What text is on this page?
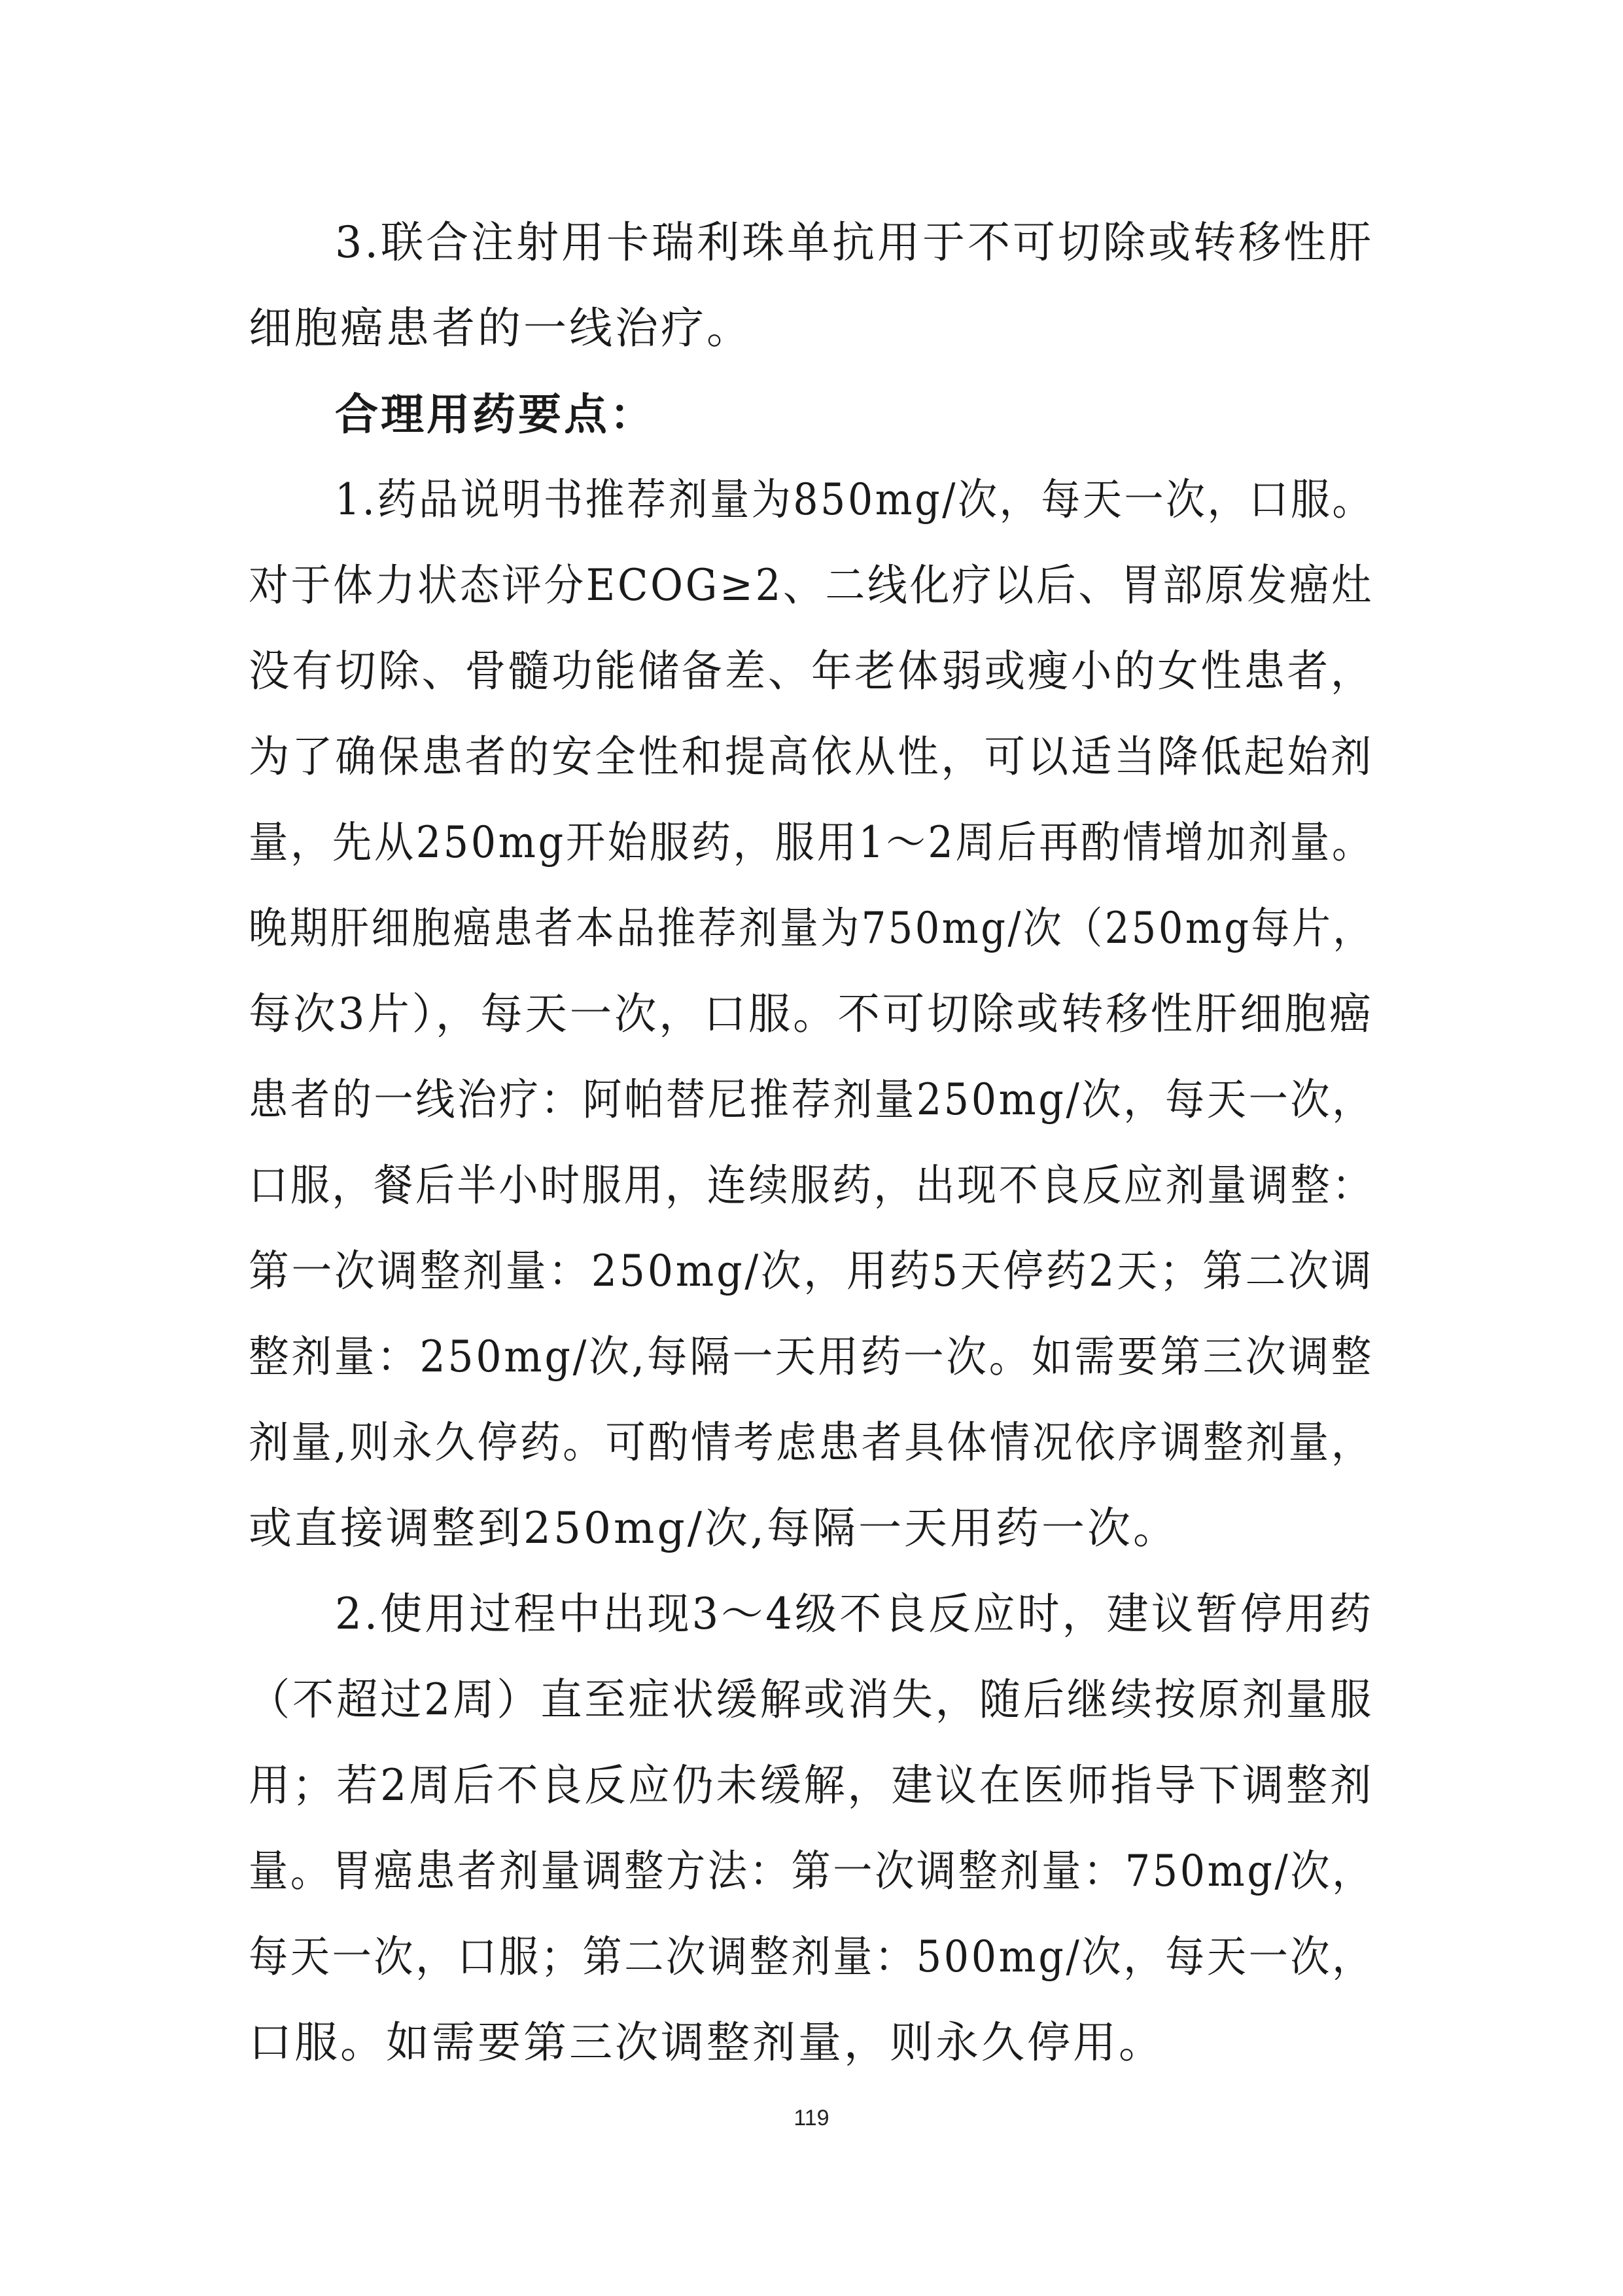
3.联合注射用卡瑞利珠单抗用于不可切除或转移性肝
细胞癌患者的一线治疗。
合理用药要点：
1.药品说明书推荐剂量为850mg/次，每天一次，口服。
对于体力状态评分ECOG≥2、二线化疗以后、胃部原发癌灶
没有切除、骨髓功能储备差、年老体弱或瘦小的女性患者，
为了确保患者的安全性和提高依从性，可以适当降低起始剂
量，先从250mg开始服药，服用1～2周后再酌情增加剂量。
晚期肝细胞癌患者本品推荐剂量为750mg/次（250mg每片，
每次3片），每天一次，口服。不可切除或转移性肝细胞癌
患者的一线治疗：阿帕替尼推荐剂量250mg/次，每天一次，
口服，餐后半小时服用，连续服药，出现不良反应剂量调整：
第一次调整剂量：250mg/次，用药5天停药2天；第二次调
整剂量：250mg/次,每隔一天用药一次。如需要第三次调整
剂量,则永久停药。可酌情考虑患者具体情况依序调整剂量，
或直接调整到250mg/次,每隔一天用药一次。
2.使用过程中出现3～4级不良反应时，建议暂停用药
（不超过2周）直至症状缓解或消失，随后继续按原剂量服
用；若2周后不良反应仍未缓解，建议在医师指导下调整剂
量。胃癌患者剂量调整方法：第一次调整剂量：750mg/次，
每天一次，口服；第二次调整剂量：500mg/次，每天一次，
口服。如需要第三次调整剂量，则永久停用。
119
